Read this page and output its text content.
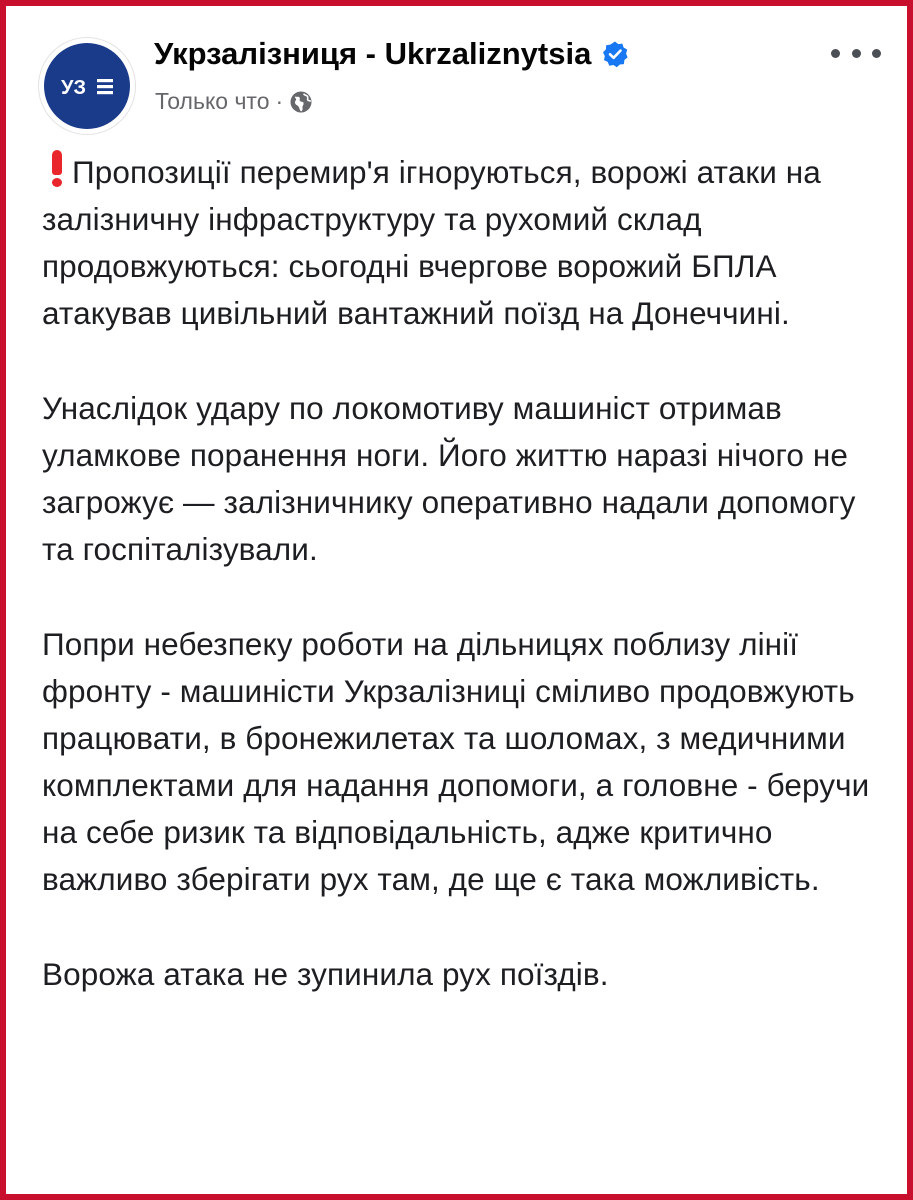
УЗ
Укрзалізниця - Ukrzaliznytsia
Только что ·

Пропозиції перемир'я ігноруються, ворожі атаки на залізничну інфраструктуру та рухомий склад продовжуються: сьогодні вчергове ворожий БПЛА атакував цивільний вантажний поїзд на Донеччині.

Унаслідок удару по локомотиву машиніст отримав уламкове поранення ноги. Його життю наразі нічого не загрожує — залізничнику оперативно надали допомогу та госпіталізували.

Попри небезпеку роботи на дільницях поблизу лінії фронту - машиністи Укрзалізниці сміливо продовжують працювати, в бронежилетах та шоломах, з медичними комплектами для надання допомоги, а головне - беручи на себе ризик та відповідальність, адже критично важливо зберігати рух там, де ще є така можливість.

Ворожа атака не зупинила рух поїздів.
